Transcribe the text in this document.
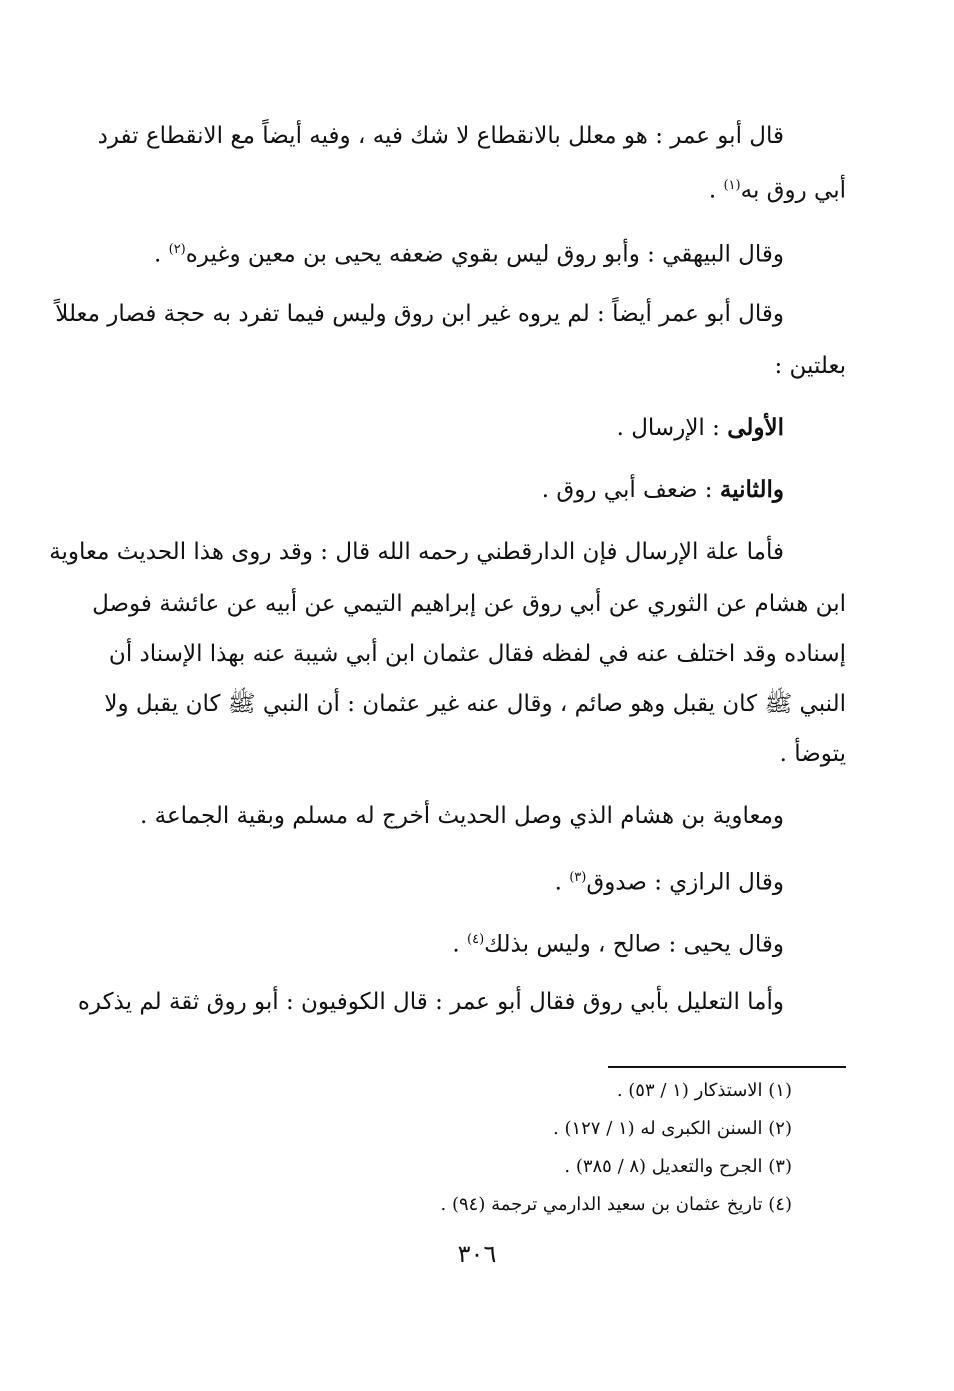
قال أبو عمر : هو معلل بالانقطاع لا شك فيه ، وفيه أيضاً مع الانقطاع تفرد
أبي روق به$^{(١)}$ .
وقال البيهقي : وأبو روق ليس بقوي ضعفه يحيى بن معين وغيره$^{(٢)}$ .
وقال أبو عمر أيضاً : لم يروه غير ابن روق وليس فيما تفرد به حجة فصار معللاً
بعلتين :
الأولى : الإرسال .
والثانية : ضعف أبي روق .
فأما علة الإرسال فإن الدارقطني رحمه الله قال : وقد روى هذا الحديث معاوية
ابن هشام عن الثوري عن أبي روق عن إبراهيم التيمي عن أبيه عن عائشة فوصل
إسناده وقد اختلف عنه في لفظه فقال عثمان ابن أبي شيبة عنه بهذا الإسناد أن
النبي ﷺ كان يقبل وهو صائم ، وقال عنه غير عثمان : أن النبي ﷺ كان يقبل ولا
يتوضأ .
ومعاوية بن هشام الذي وصل الحديث أخرج له مسلم وبقية الجماعة .
وقال الرازي : صدوق$^{(٣)}$ .
وقال يحيى : صالح ، وليس بذلك$^{(٤)}$ .
وأما التعليل بأبي روق فقال أبو عمر : قال الكوفيون : أبو روق ثقة لم يذكره
(١) الاستذكار (١ / ٥٣) .
(٢) السنن الكبرى له (١ / ١٢٧) .
(٣) الجرح والتعديل (٨ / ٣٨٥) .
(٤) تاريخ عثمان بن سعيد الدارمي ترجمة (٩٤) .
٣٠٦
